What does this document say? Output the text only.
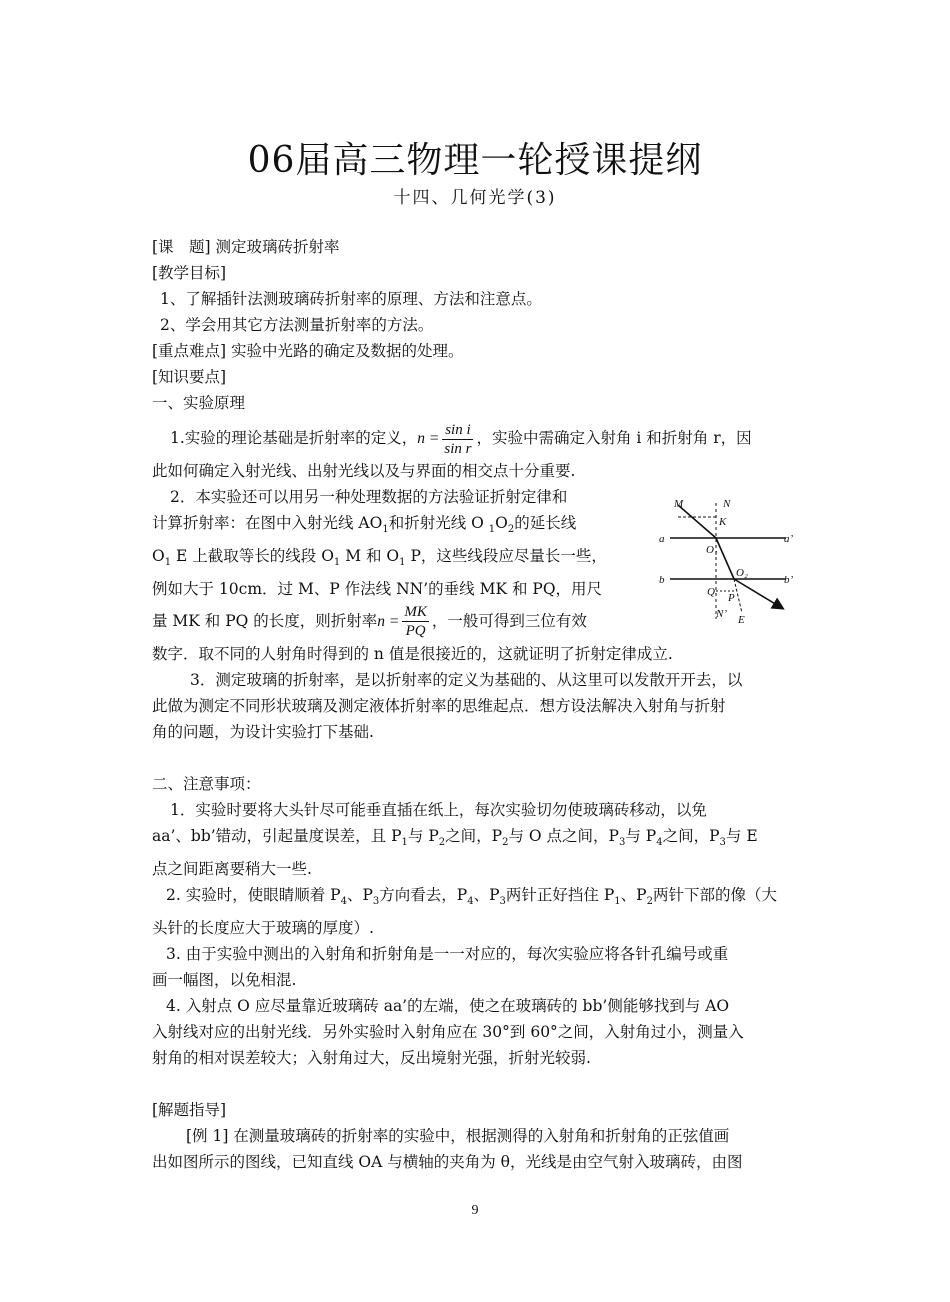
06届高三物理一轮授课提纲
十四、几何光学(3)

[课　题] 测定玻璃砖折射率

[教学目标]

1、了解插针法测玻璃砖折射率的原理、方法和注意点。

2、学会用其它方法测量折射率的方法。

[重点难点] 实验中光路的确定及数据的处理。

[知识要点]

一、实验原理

1.实验的理论基础是折射率的定义，$n = \frac{\text{sin i}}{\text{sin r}}$ ，实验中需确定入射角 i 和折射角 r，因

此如何确定入射光线、出射光线以及与界面的相交点十分重要.

2．本实验还可以用另一种处理数据的方法验证折射定律和

计算折射率：在图中入射光线 $AO_1$和折射光线 O $_1O_2$的延长线

$O_1$ E 上截取等长的线段 $O_1$ M 和 $O_1$ P，这些线段应尽量长一些，

例如大于 10cm．过 M、P 作法线 NN’的垂线 MK 和 PQ，用尺

量 MK 和 PQ 的长度，则折射率$n = \frac{MK}{PQ}$ ，一般可得到三位有效

数字．取不同的人射角时得到的 n 值是很接近的，这就证明了折射定律成立.

3．测定玻璃的折射率，是以折射率的定义为基础的、从这里可以发散开开去，以

此做为测定不同形状玻璃及测定液体折射率的思维起点．想方设法解决入射角与折射

角的问题，为设计实验打下基础.

二、注意事项：

1．实验时要将大头针尽可能垂直插在纸上，每次实验切勿使玻璃砖移动，以免

aa’、bb’错动，引起量度误差，且 $P_1$与 $P_2$之间，$P_2$与 O 点之间，$P_3$与 $P_4$之间，$P_3$与 E

点之间距离要稍大一些.

2. 实验时，使眼睛顺着 $P_4$、$P_3$方向看去，$P_4$、$P_3$两针正好挡住 $P_1$、$P_2$两针下部的像（大

头针的长度应大于玻璃的厚度）.

3. 由于实验中测出的入射角和折射角是一一对应的，每次实验应将各针孔编号或重

画一幅图，以免相混.

4. 入射点 O 应尽量靠近玻璃砖 aa’的左端，使之在玻璃砖的 bb’侧能够找到与 AO

入射线对应的出射光线．另外实验时入射角应在 30°到 60°之间，入射角过小，测量入

射角的相对误差较大；入射角过大，反出境射光强，折射光较弱.

[解题指导]

[例 1] 在测量玻璃砖的折射率的实验中，根据测得的入射角和折射角的正弦值画

出如图所示的图线，已知直线 OA 与横轴的夹角为 θ，光线是由空气射入玻璃砖，由图

M	N
K
a	a’
O₁
b	b’
O₂
Q P
N’ E
9
